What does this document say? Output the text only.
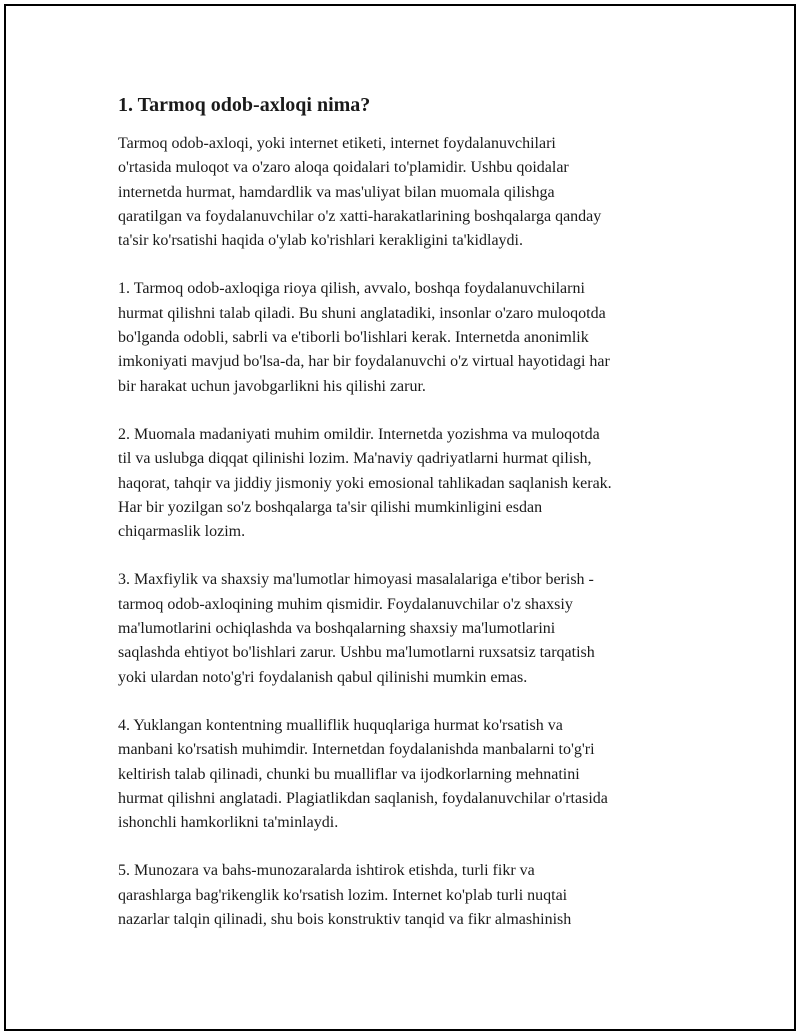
1. Tarmoq odob-axloqi nima?

Tarmoq odob-axloqi, yoki internet etiketi, internet foydalanuvchilari
o'rtasida muloqot va o'zaro aloqa qoidalari to'plamidir. Ushbu qoidalar
internetda hurmat, hamdardlik va mas'uliyat bilan muomala qilishga
qaratilgan va foydalanuvchilar o'z xatti-harakatlarining boshqalarga qanday
ta'sir ko'rsatishi haqida o'ylab ko'rishlari kerakligini ta'kidlaydi.

1. Tarmoq odob-axloqiga rioya qilish, avvalo, boshqa foydalanuvchilarni
hurmat qilishni talab qiladi. Bu shuni anglatadiki, insonlar o'zaro muloqotda
bo'lganda odobli, sabrli va e'tiborli bo'lishlari kerak. Internetda anonimlik
imkoniyati mavjud bo'lsa-da, har bir foydalanuvchi o'z virtual hayotidagi har
bir harakat uchun javobgarlikni his qilishi zarur.

2. Muomala madaniyati muhim omildir. Internetda yozishma va muloqotda
til va uslubga diqqat qilinishi lozim. Ma'naviy qadriyatlarni hurmat qilish,
haqorat, tahqir va jiddiy jismoniy yoki emosional tahlikadan saqlanish kerak.
Har bir yozilgan so'z boshqalarga ta'sir qilishi mumkinligini esdan
chiqarmaslik lozim.

3. Maxfiylik va shaxsiy ma'lumotlar himoyasi masalalariga e'tibor berish -
tarmoq odob-axloqining muhim qismidir. Foydalanuvchilar o'z shaxsiy
ma'lumotlarini ochiqlashda va boshqalarning shaxsiy ma'lumotlarini
saqlashda ehtiyot bo'lishlari zarur. Ushbu ma'lumotlarni ruxsatsiz tarqatish
yoki ulardan noto'g'ri foydalanish qabul qilinishi mumkin emas.

4. Yuklangan kontentning mualliflik huquqlariga hurmat ko'rsatish va
manbani ko'rsatish muhimdir. Internetdan foydalanishda manbalarni to'g'ri
keltirish talab qilinadi, chunki bu mualliflar va ijodkorlarning mehnatini
hurmat qilishni anglatadi. Plagiatlikdan saqlanish, foydalanuvchilar o'rtasida
ishonchli hamkorlikni ta'minlaydi.

5. Munozara va bahs-munozaralarda ishtirok etishda, turli fikr va
qarashlarga bag'rikenglik ko'rsatish lozim. Internet ko'plab turli nuqtai
nazarlar talqin qilinadi, shu bois konstruktiv tanqid va fikr almashinish
